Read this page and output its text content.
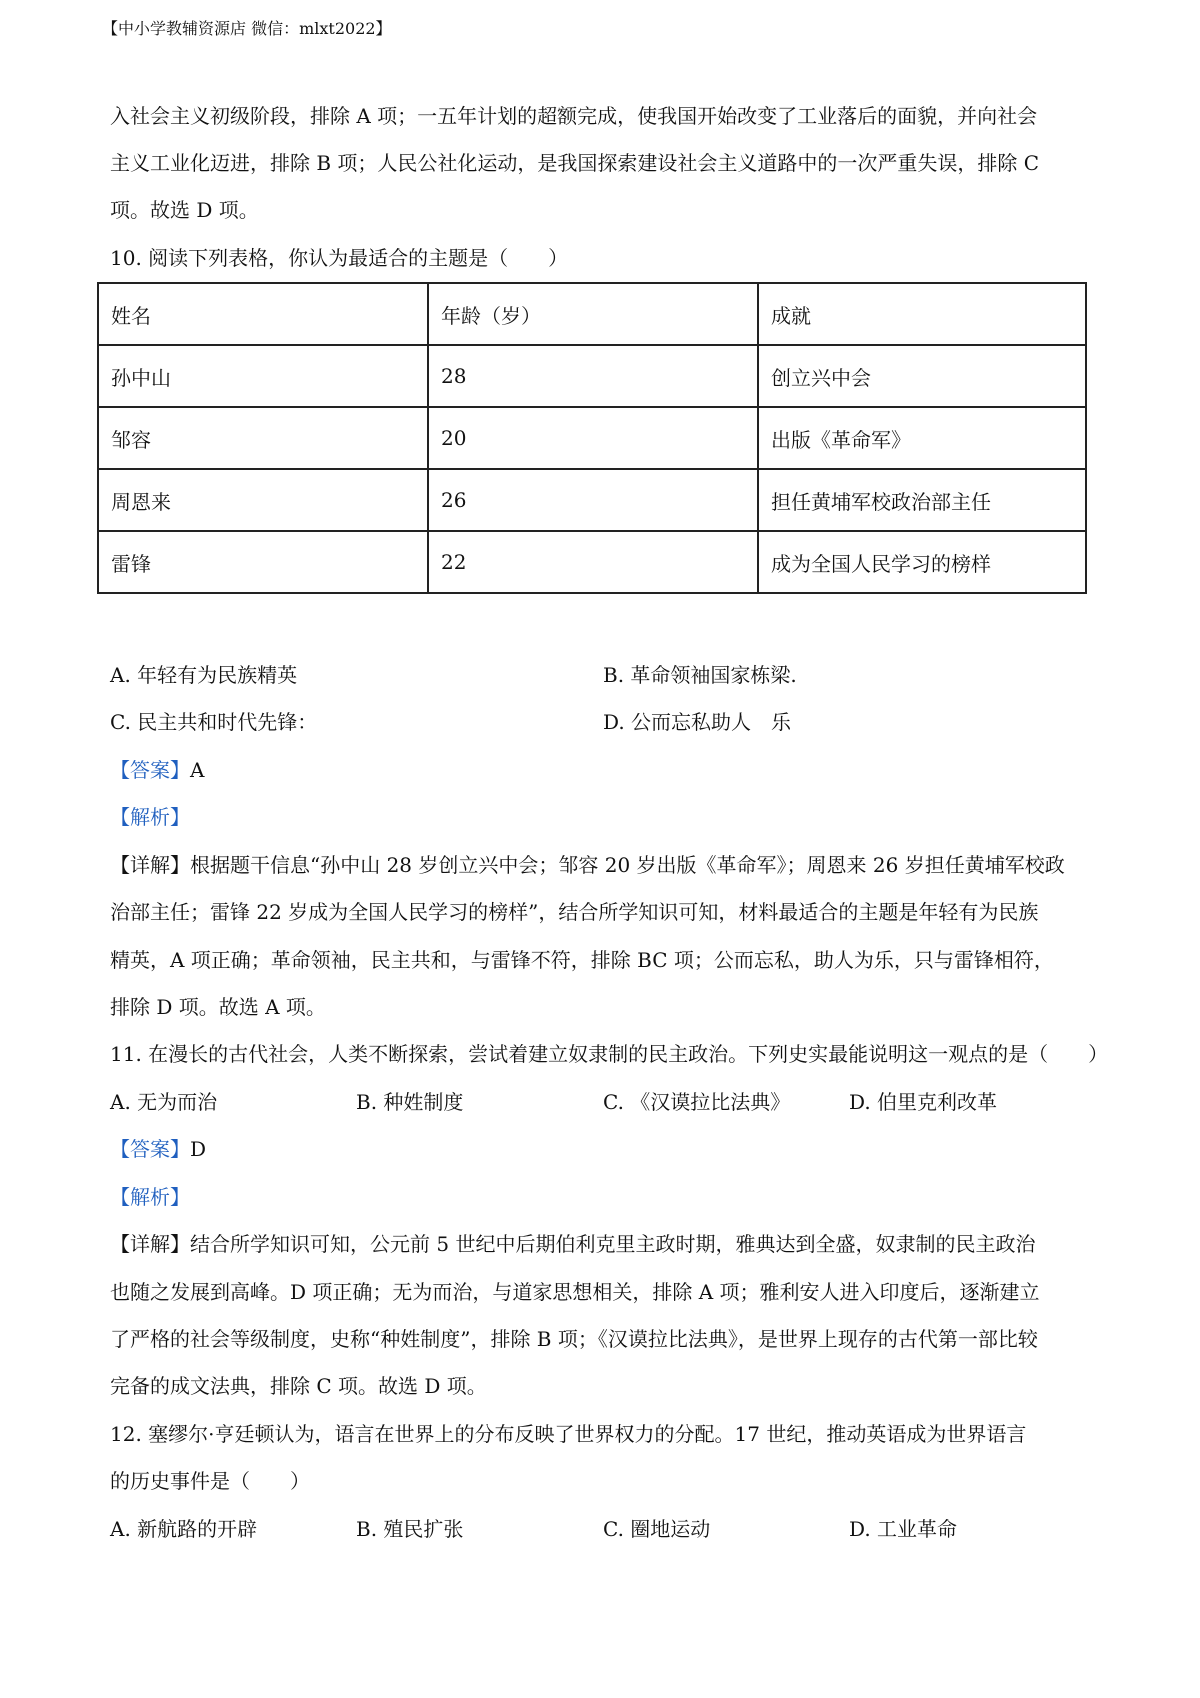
【中小学教辅资源店 微信：mlxt2022】
入社会主义初级阶段，排除 A 项；一五年计划的超额完成，使我国开始改变了工业落后的面貌，并向社会
主义工业化迈进，排除 B 项；人民公社化运动，是我国探索建设社会主义道路中的一次严重失误，排除 C
项。故选 D 项。
10. 阅读下列表格，你认为最适合的主题是（　　）
姓名	年龄（岁）	成就
孙中山	28	创立兴中会
邹容	20	出版《革命军》
周恩来	26	担任黄埔军校政治部主任
雷锋	22	成为全国人民学习的榜样
A. 年轻有为民族精英	B. 革命领袖国家栋梁.
C. 民主共和时代先锋：	D. 公而忘私助人　乐
【答案】A
【解析】
【详解】根据题干信息“孙中山 28 岁创立兴中会；邹容 20 岁出版《革命军》；周恩来 26 岁担任黄埔军校政
治部主任；雷锋 22 岁成为全国人民学习的榜样”，结合所学知识可知，材料最适合的主题是年轻有为民族
精英，A 项正确；革命领袖，民主共和，与雷锋不符，排除 BC 项；公而忘私，助人为乐，只与雷锋相符，
排除 D 项。故选 A 项。
11. 在漫长的古代社会，人类不断探索，尝试着建立奴隶制的民主政治。下列史实最能说明这一观点的是（　　）
A. 无为而治	B. 种姓制度	C. 《汉谟拉比法典》	D. 伯里克利改革
【答案】D
【解析】
【详解】结合所学知识可知，公元前 5 世纪中后期伯利克里主政时期，雅典达到全盛，奴隶制的民主政治
也随之发展到高峰。D 项正确；无为而治，与道家思想相关，排除 A 项；雅利安人进入印度后，逐渐建立
了严格的社会等级制度，史称“种姓制度”，排除 B 项；《汉谟拉比法典》，是世界上现存的古代第一部比较
完备的成文法典，排除 C 项。故选 D 项。
12. 塞缪尔·亨廷顿认为，语言在世界上的分布反映了世界权力的分配。17 世纪，推动英语成为世界语言
的历史事件是（　　）
A. 新航路的开辟	B. 殖民扩张	C. 圈地运动	D. 工业革命
